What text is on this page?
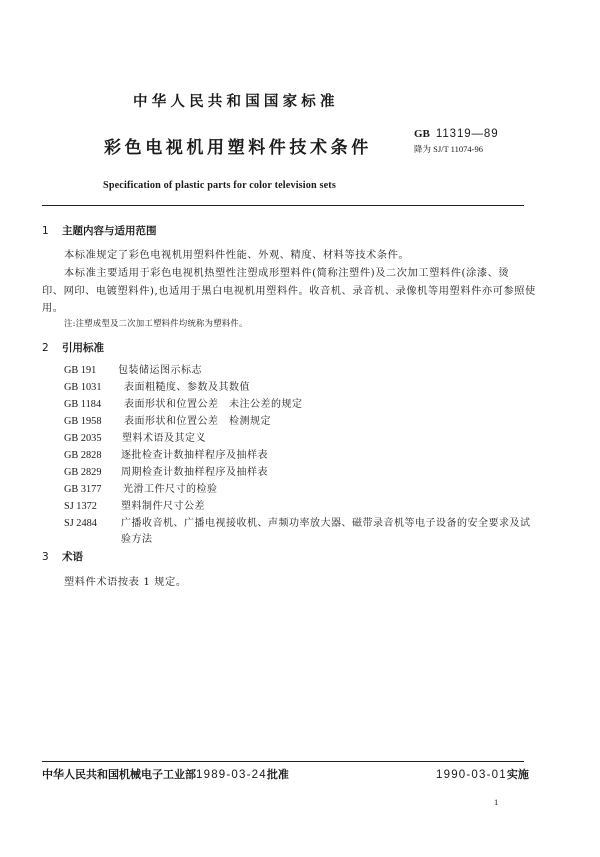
中华人民共和国国家标准
彩色电视机用塑料件技术条件
Specification of plastic parts for color television sets
GB 11319—89
降为 SJ/T 11074-96
1 主题内容与适用范围
本标准规定了彩色电视机用塑料件性能、外观、精度、材料等技术条件。
本标准主要适用于彩色电视机热塑性注塑成形塑料件(简称注塑件)及二次加工塑料件(涂漆、烫
印、网印、电镀塑料件),也适用于黑白电视机用塑料件。收音机、录音机、录像机等用塑料件亦可参照使
用。
注:注塑成型及二次加工塑料件均统称为塑料件。
2 引用标准
GB 191 包装储运图示标志
GB 1031 表面粗糙度、参数及其数值
GB 1184 表面形状和位置公差　未注公差的规定
GB 1958 表面形状和位置公差　检测规定
GB 2035 塑料术语及其定义
GB 2828 逐批检查计数抽样程序及抽样表
GB 2829 周期检查计数抽样程序及抽样表
GB 3177 光滑工件尺寸的检验
SJ 1372 塑料制件尺寸公差
SJ 2484 广播收音机、广播电视接收机、声频功率放大器、磁带录音机等电子设备的安全要求及试
验方法
3 术语
塑料件术语按表 1 规定。
中华人民共和国机械电子工业部1989-03-24批准	1990-03-01实施
1
